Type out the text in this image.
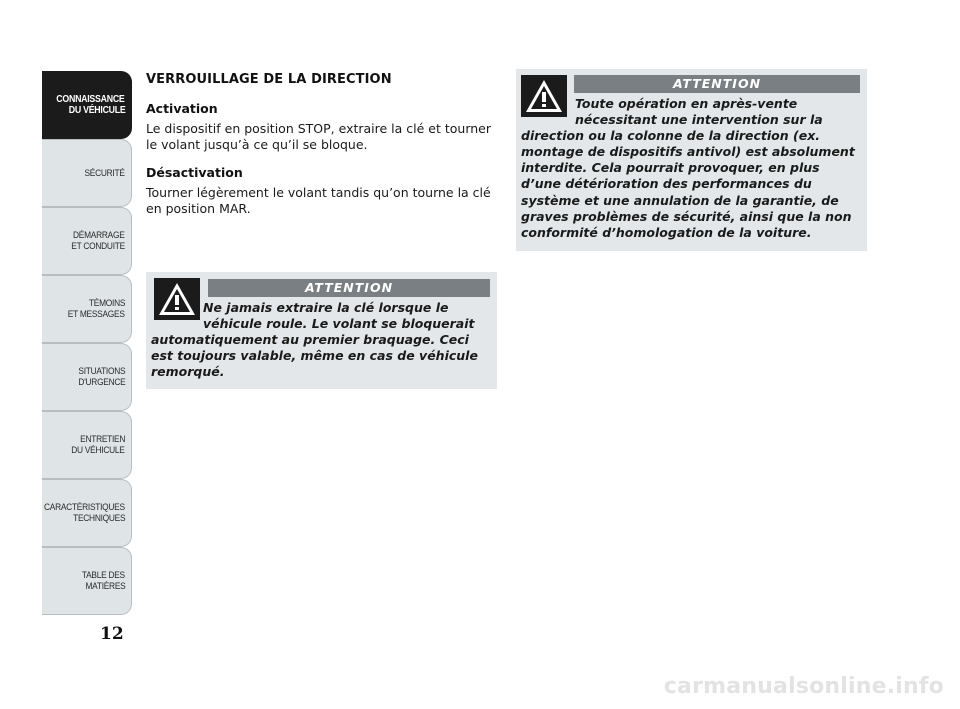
CONNAISSANCE
DU VÉHICULE
SÉCURITÉ
DÉMARRAGE
ET CONDUITE
TÉMOINS
ET MESSAGES
SITUATIONS
D'URGENCE
ENTRETIEN
DU VÉHICULE
CARACTÉRISTIQUES
TECHNIQUES
TABLE DES
MATIÈRES
12
VERROUILLAGE DE LA DIRECTION
Activation

Le dispositif en position STOP, extraire la clé et tourner le volant jusqu’à ce qu’il se bloque.

Désactivation

Tourner légèrement le volant tandis qu’on tourne la clé en position MAR.

ATTENTION
Ne jamais extraire la clé lorsque le
véhicule roule. Le volant se bloquerait
automatiquement au premier braquage. Ceci
est toujours valable, même en cas de véhicule
remorqué.
ATTENTION
Toute opération en après-vente
nécessitant une intervention sur la
direction ou la colonne de la direction (ex.
montage de dispositifs antivol) est absolument
interdite. Cela pourrait provoquer, en plus
d’une détérioration des performances du
système et une annulation de la garantie, de
graves problèmes de sécurité, ainsi que la non
conformité d’homologation de la voiture.
carmanualsonline.info
